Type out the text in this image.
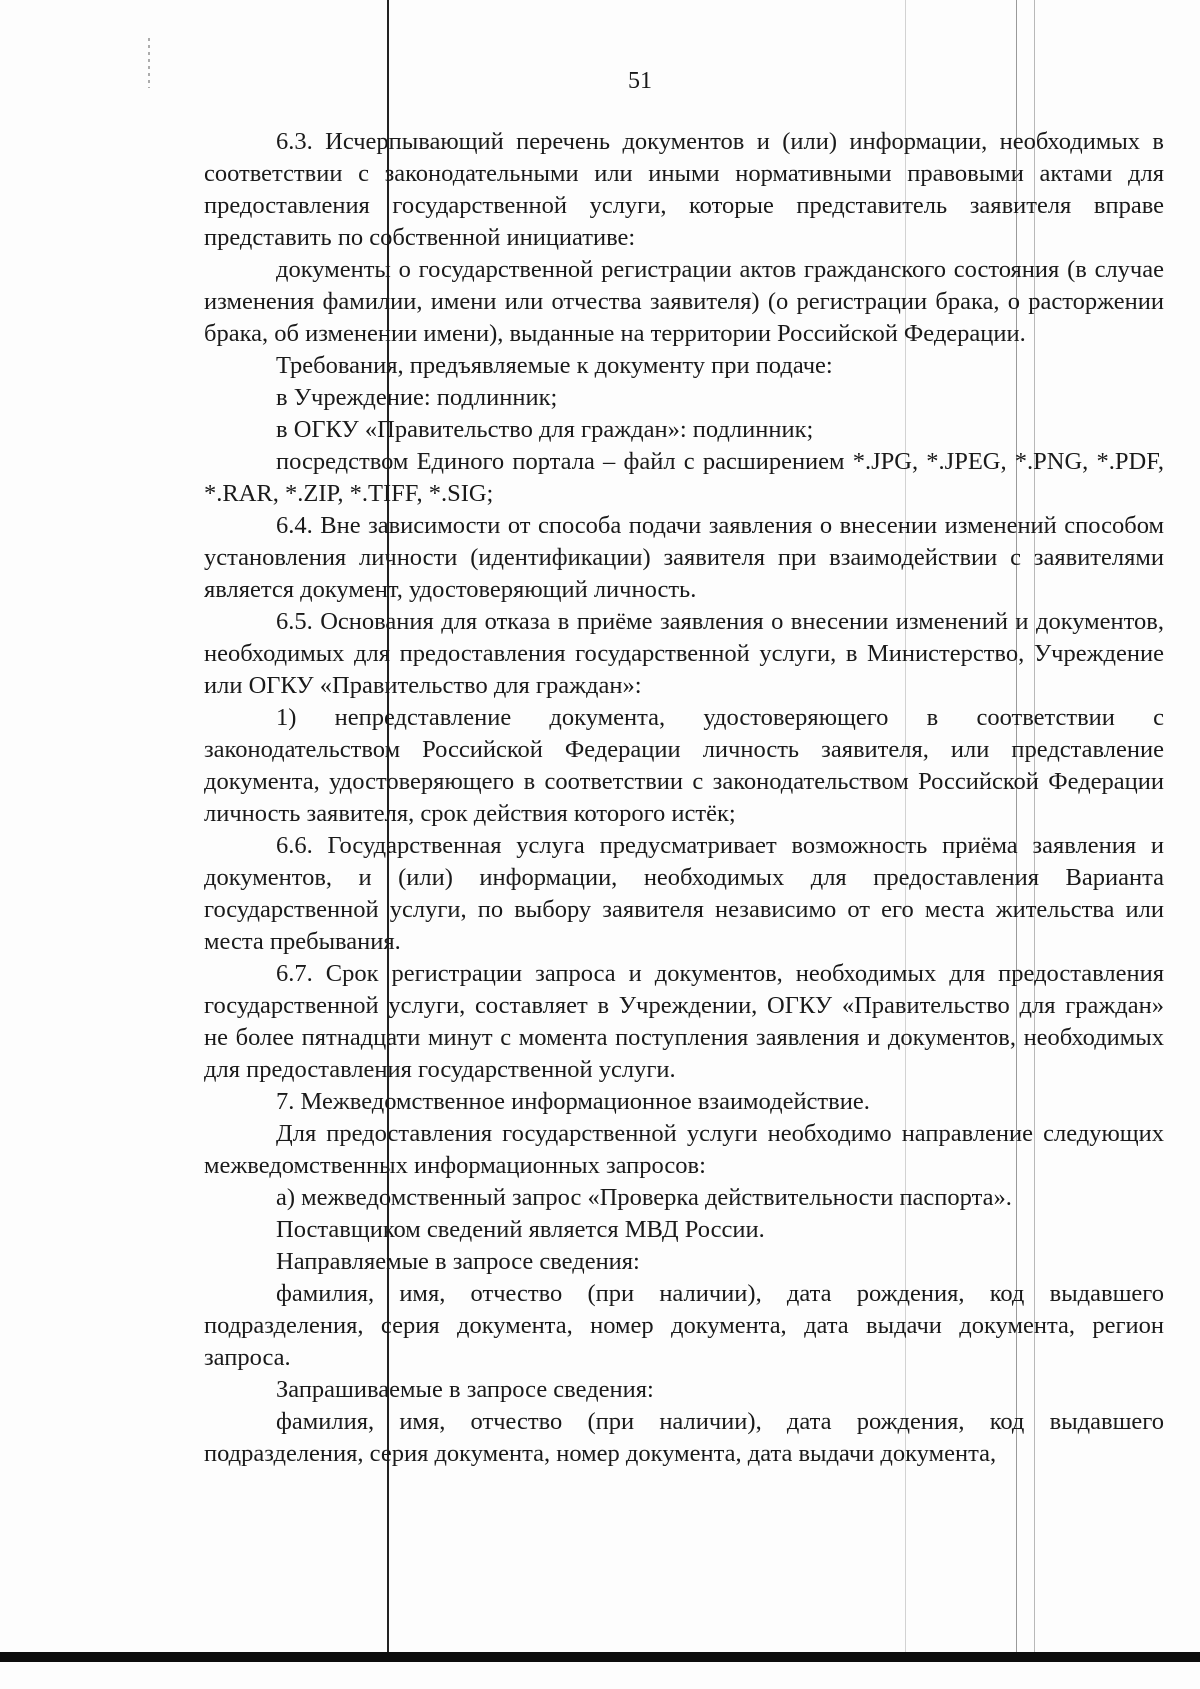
51

6.3. Исчерпывающий перечень документов и (или) информации, необходимых в соответствии с законодательными или иными нормативными правовыми актами для предоставления государственной услуги, которые представитель заявителя вправе представить по собственной инициативе:

документы о государственной регистрации актов гражданского состояния (в случае изменения фамилии, имени или отчества заявителя) (о регистрации брака, о расторжении брака, об изменении имени), выданные на территории Российской Федерации.

Требования, предъявляемые к документу при подаче:

в Учреждение: подлинник;

в ОГКУ «Правительство для граждан»: подлинник;

посредством Единого портала – файл с расширением *.JPG, *.JPEG, *.PNG, *.PDF, *.RAR, *.ZIP, *.TIFF, *.SIG;

6.4. Вне зависимости от способа подачи заявления о внесении изменений способом установления личности (идентификации) заявителя при взаимодействии с заявителями является документ, удостоверяющий личность.

6.5. Основания для отказа в приёме заявления о внесении изменений и документов, необходимых для предоставления государственной услуги, в Министерство, Учреждение или ОГКУ «Правительство для граждан»:

1) непредставление документа, удостоверяющего в соответствии с законодательством Российской Федерации личность заявителя, или представление документа, удостоверяющего в соответствии с законодательством Российской Федерации личность заявителя, срок действия которого истёк;

6.6. Государственная услуга предусматривает возможность приёма заявления и документов, и (или) информации, необходимых для предоставления Варианта государственной услуги, по выбору заявителя независимо от его места жительства или места пребывания.

6.7. Срок регистрации запроса и документов, необходимых для предоставления государственной услуги, составляет в Учреждении, ОГКУ «Правительство для граждан» не более пятнадцати минут с момента поступления заявления и документов, необходимых для предоставления государственной услуги.

7. Межведомственное информационное взаимодействие.

Для предоставления государственной услуги необходимо направление следующих межведомственных информационных запросов:

а) межведомственный запрос «Проверка действительности паспорта».

Поставщиком сведений является МВД России.

Направляемые в запросе сведения:

фамилия, имя, отчество (при наличии), дата рождения, код выдавшего подразделения, серия документа, номер документа, дата выдачи документа, регион запроса.

Запрашиваемые в запросе сведения:

фамилия, имя, отчество (при наличии), дата рождения, код выдавшего подразделения, серия документа, номер документа, дата выдачи документа,
